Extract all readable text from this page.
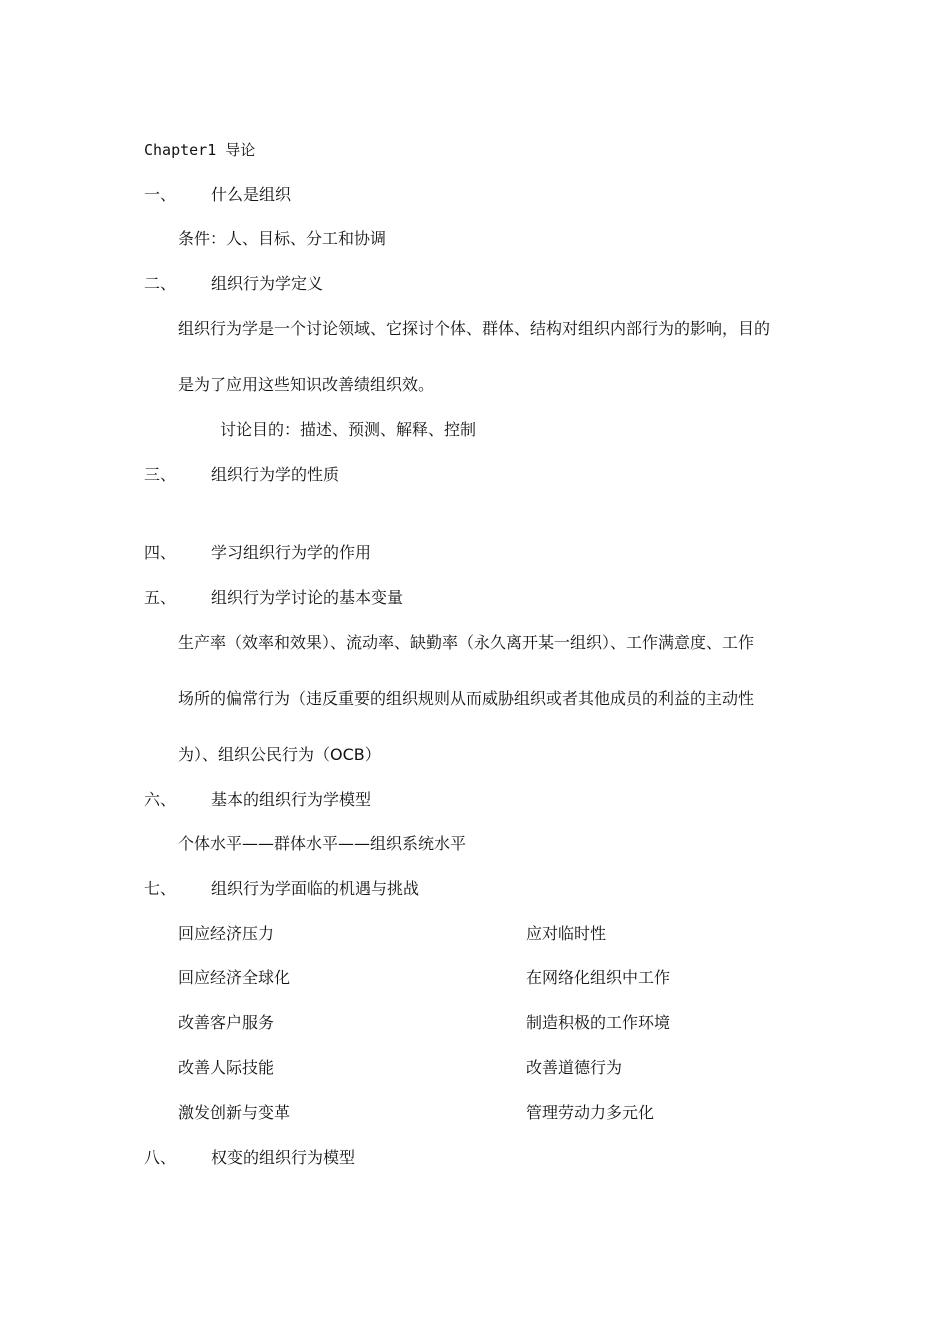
Chapter1 导论
一、 什么是组织
条件：人、目标、分工和协调
二、 组织行为学定义
组织行为学是一个讨论领域、它探讨个体、群体、结构对组织内部行为的影响，目的
是为了应用这些知识改善绩组织效。
讨论目的：描述、预测、解释、控制
三、 组织行为学的性质
四、 学习组织行为学的作用
五、 组织行为学讨论的基本变量
生产率（效率和效果）、流动率、缺勤率（永久离开某一组织）、工作满意度、工作
场所的偏常行为（违反重要的组织规则从而威胁组织或者其他成员的利益的主动性
为）、组织公民行为（OCB）
六、 基本的组织行为学模型
个体水平——群体水平——组织系统水平
七、 组织行为学面临的机遇与挑战
回应经济压力	应对临时性
回应经济全球化	在网络化组织中工作
改善客户服务	制造积极的工作环境
改善人际技能	改善道德行为
激发创新与变革	管理劳动力多元化
八、 权变的组织行为模型
